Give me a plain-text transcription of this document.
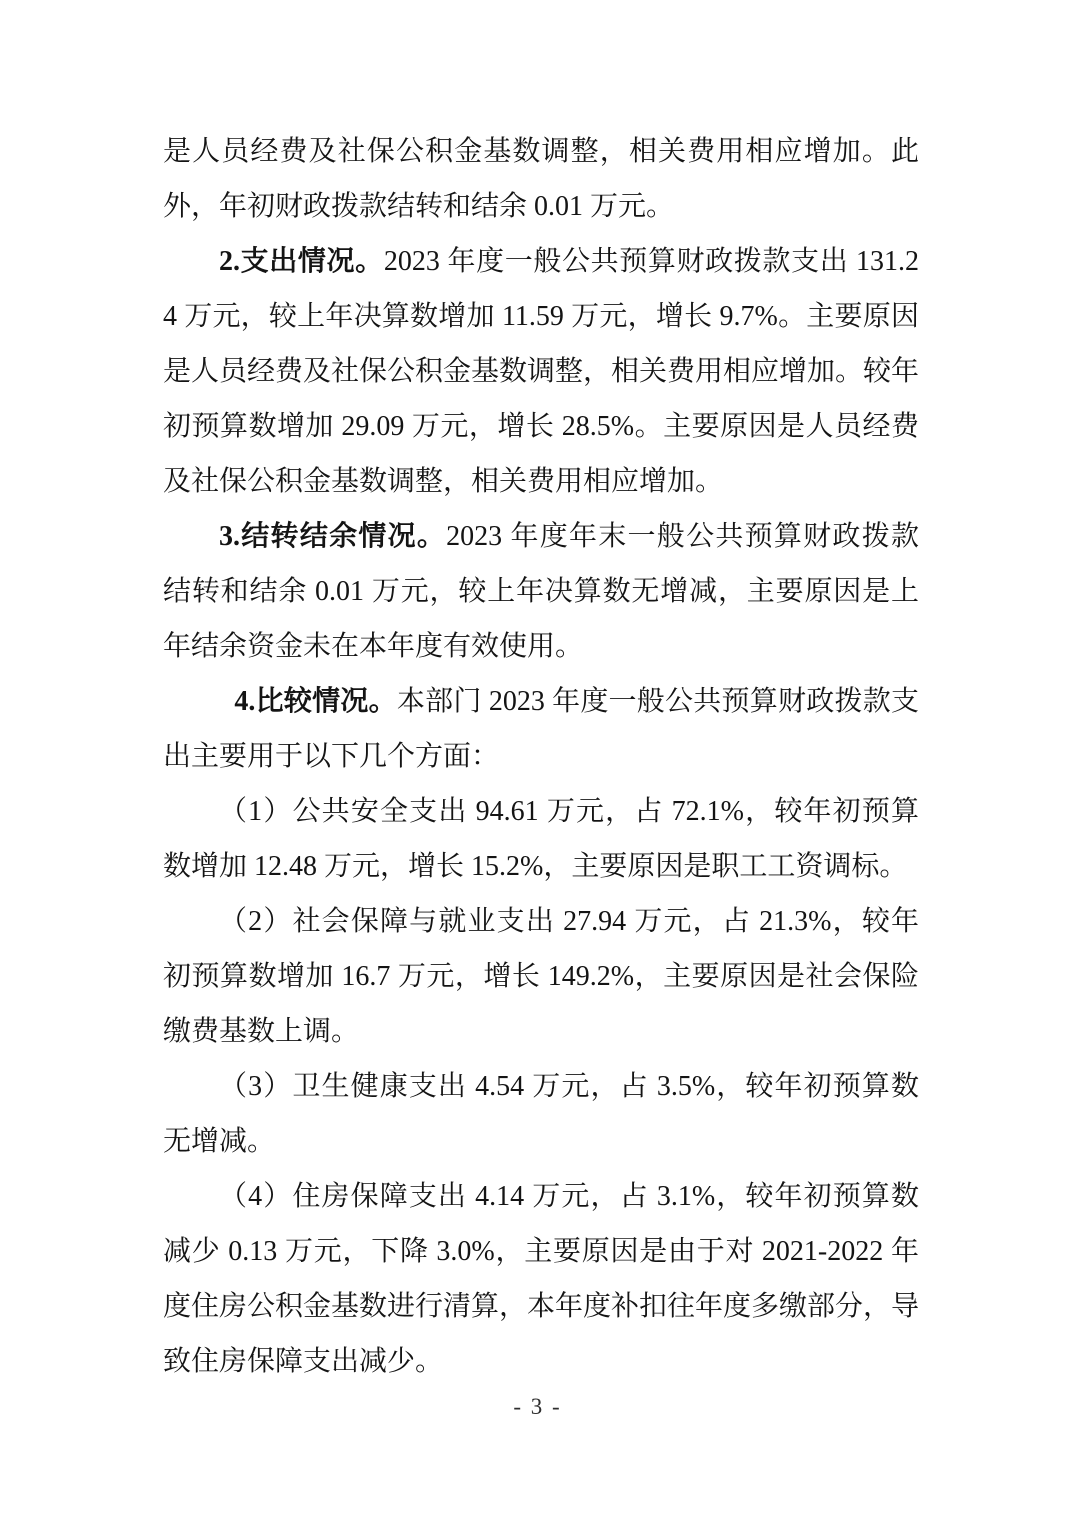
是人员经费及社保公积金基数调整，相关费用相应增加。此外，年初财政拨款结转和结余 0.01 万元。

2.支出情况。2023 年度一般公共预算财政拨款支出 131.24 万元，较上年决算数增加 11.59 万元，增长 9.7%。主要原因是人员经费及社保公积金基数调整，相关费用相应增加。较年初预算数增加 29.09 万元，增长 28.5%。主要原因是人员经费及社保公积金基数调整，相关费用相应增加。

3.结转结余情况。2023 年度年末一般公共预算财政拨款结转和结余 0.01 万元，较上年决算数无增减，主要原因是上年结余资金未在本年度有效使用。

4.比较情况。本部门 2023 年度一般公共预算财政拨款支出主要用于以下几个方面：

（1）公共安全支出 94.61 万元，占 72.1%，较年初预算数增加 12.48 万元，增长 15.2%，主要原因是职工工资调标。

（2）社会保障与就业支出 27.94 万元，占 21.3%，较年初预算数增加 16.7 万元，增长 149.2%，主要原因是社会保险缴费基数上调。

（3）卫生健康支出 4.54 万元，占 3.5%，较年初预算数无增减。

（4）住房保障支出 4.14 万元，占 3.1%，较年初预算数减少 0.13 万元，下降 3.0%，主要原因是由于对 2021-2022 年度住房公积金基数进行清算，本年度补扣往年度多缴部分，导致住房保障支出减少。

- 3 -
